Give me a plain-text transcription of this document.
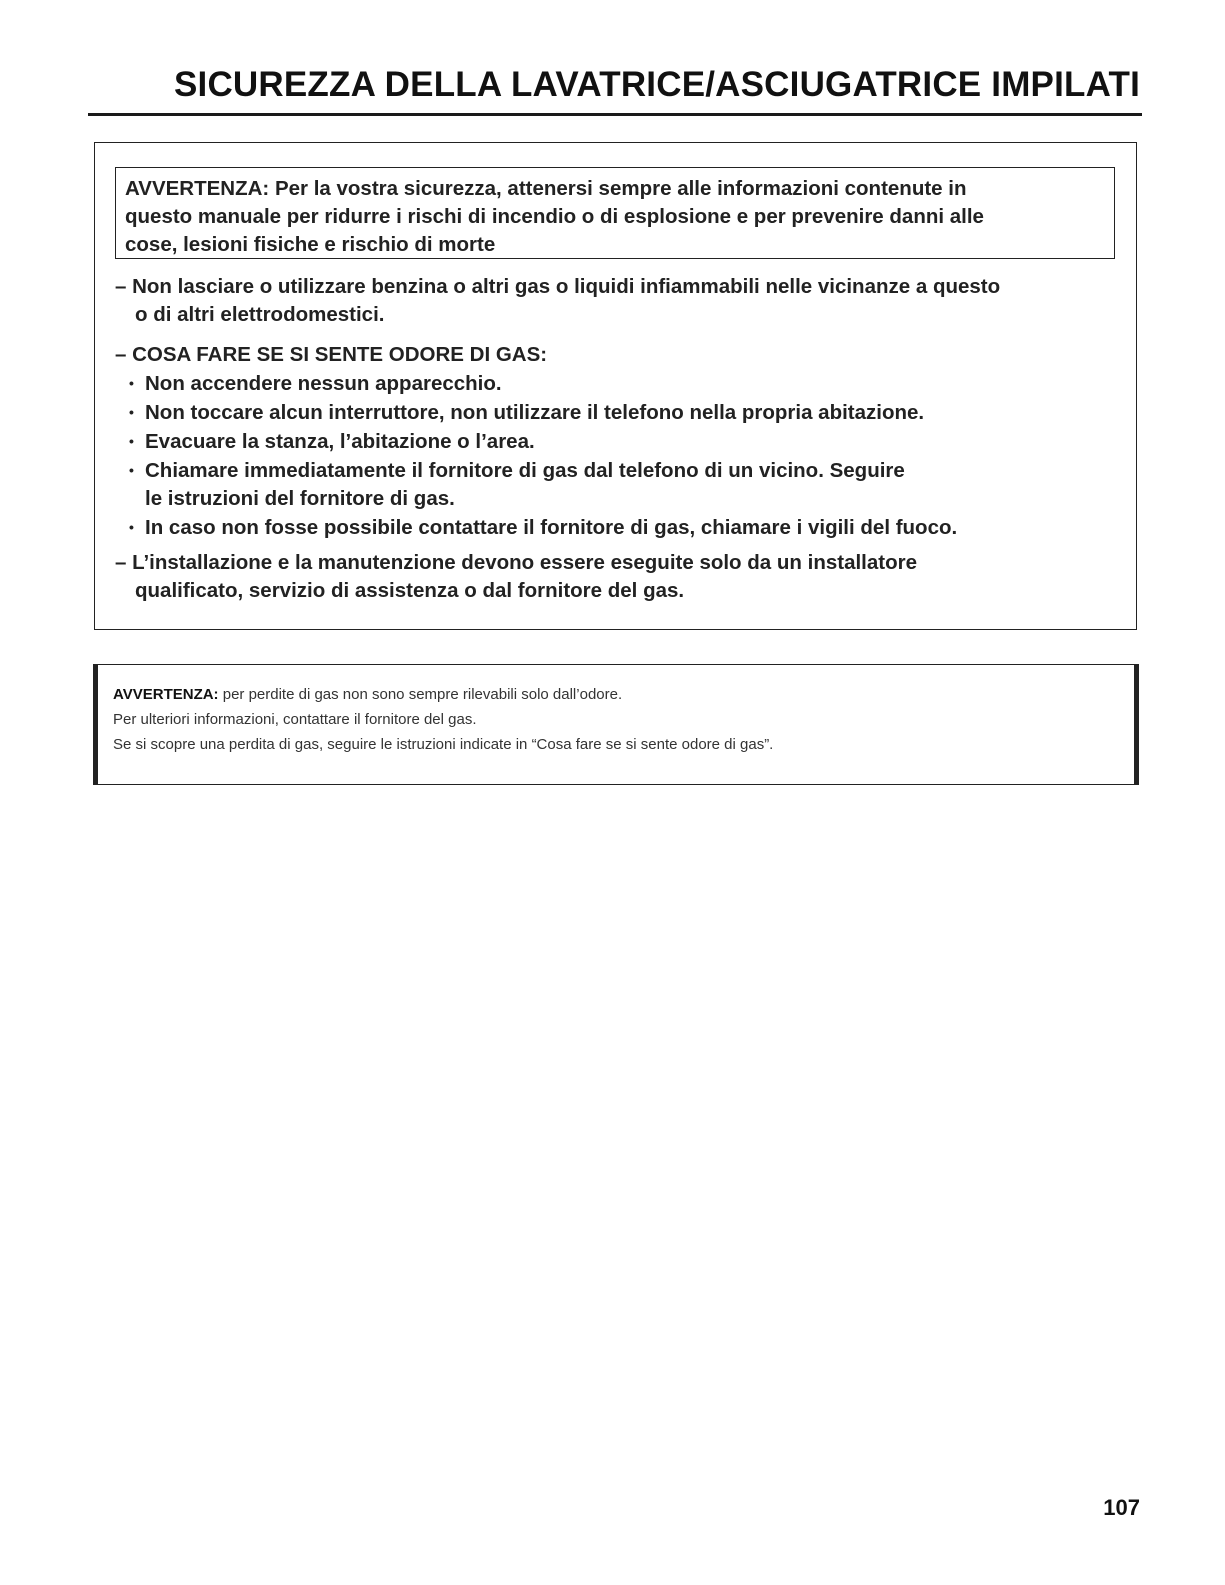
SICUREZZA DELLA LAVATRICE/ASCIUGATRICE IMPILATI
AVVERTENZA: Per la vostra sicurezza, attenersi sempre alle informazioni contenute in
questo manuale per ridurre i rischi di incendio o di esplosione e per prevenire danni alle
cose, lesioni fisiche e rischio di morte
– Non lasciare o utilizzare benzina o altri gas o liquidi infiammabili nelle vicinanze a questo
o di altri elettrodomestici.
– COSA FARE SE SI SENTE ODORE DI GAS:
• Non accendere nessun apparecchio.
• Non toccare alcun interruttore, non utilizzare il telefono nella propria abitazione.
• Evacuare la stanza, l’abitazione o l’area.
• Chiamare immediatamente il fornitore di gas dal telefono di un vicino. Seguire
le istruzioni del fornitore di gas.
• In caso non fosse possibile contattare il fornitore di gas, chiamare i vigili del fuoco.
– L’installazione e la manutenzione devono essere eseguite solo da un installatore
qualificato, servizio di assistenza o dal fornitore del gas.
AVVERTENZA: per perdite di gas non sono sempre rilevabili solo dall’odore.
Per ulteriori informazioni, contattare il fornitore del gas.
Se si scopre una perdita di gas, seguire le istruzioni indicate in “Cosa fare se si sente odore di gas”.
107
